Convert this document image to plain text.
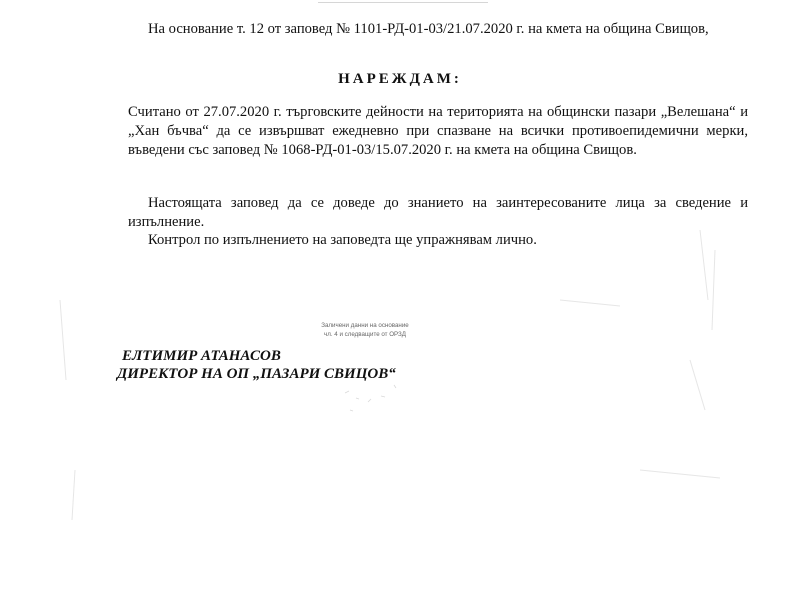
На основание т. 12 от заповед № 1101-РД-01-03/21.07.2020 г. на кмета на община Свищов,

НАРЕЖДАМ:

Считано от 27.07.2020 г. търговските дейности на територията на общински пазари „Велешана“ и „Хан бъчва“ да се извършват ежедневно при спазване на всички противоепидемични мерки, въведени със заповед № 1068-РД-01-03/15.07.2020 г. на кмета на община Свищов.

Настоящата заповед да се доведе до знанието на заинтересованите лица за сведение и изпълнение.

Контрол по изпълнението на заповедта ще упражнявам лично.

Заличени данни на основание
чл. 4 и следващите от ОРЗД

ЕЛТИМИР АТАНАСОВ

ДИРЕКТОР НА ОП „ПАЗАРИ СВИЦОВ“
